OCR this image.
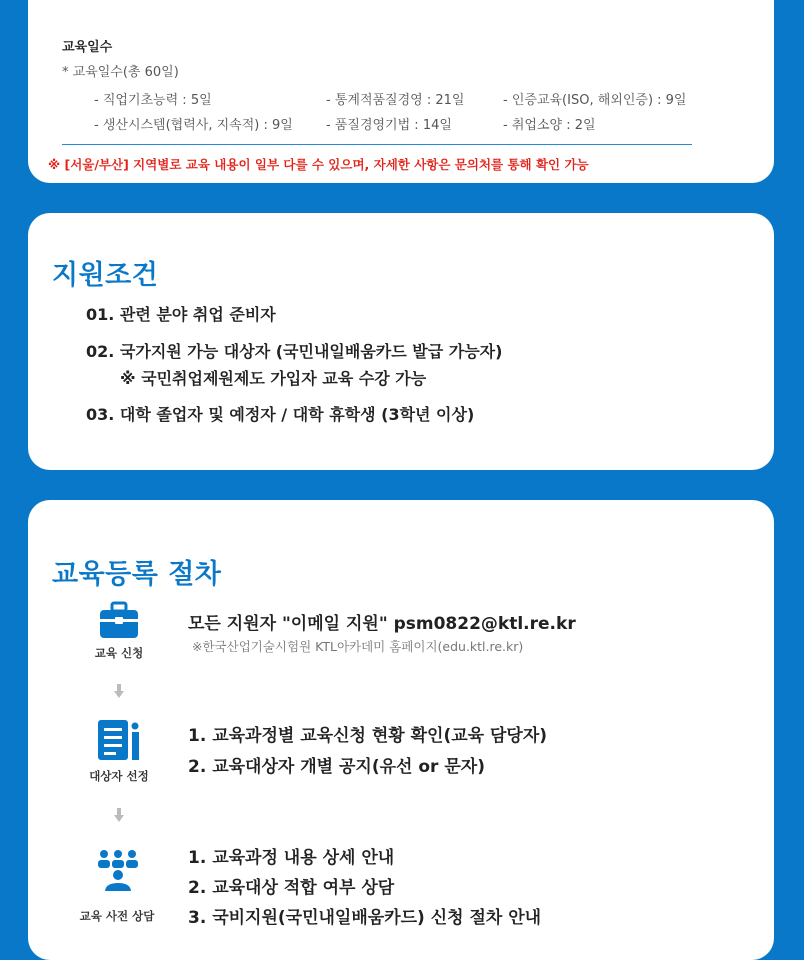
교육일수
* 교육일수(총 60일)
- 직업기초능력 : 5일	- 통계적품질경영 : 21일	- 인증교육(ISO, 해외인증) : 9일
- 생산시스템(협력사, 지속적) : 9일	- 품질경영기법 : 14일	- 취업소양 : 2일
※ [서울/부산] 지역별로 교육 내용이 일부 다를 수 있으며, 자세한 사항은 문의처를 통해 확인 가능
지원조건
01. 관련 분야 취업 준비자
02. 국가지원 가능 대상자 (국민내일배움카드 발급 가능자)
※ 국민취업제원제도 가입자 교육 수강 가능
03. 대학 졸업자 및 예정자 / 대학 휴학생 (3학년 이상)
교육등록 절차
교육 신청
모든 지원자 "이메일 지원" psm0822@ktl.re.kr
※한국산업기술시험원 KTL아카데미 홈페이지(edu.ktl.re.kr)
대상자 선정
1. 교육과정별 교육신청 현황 확인(교육 담당자)
2. 교육대상자 개별 공지(유선 or 문자)
교육 사전 상담
1. 교육과정 내용 상세 안내
2. 교육대상 적합 여부 상담
3. 국비지원(국민내일배움카드) 신청 절차 안내
